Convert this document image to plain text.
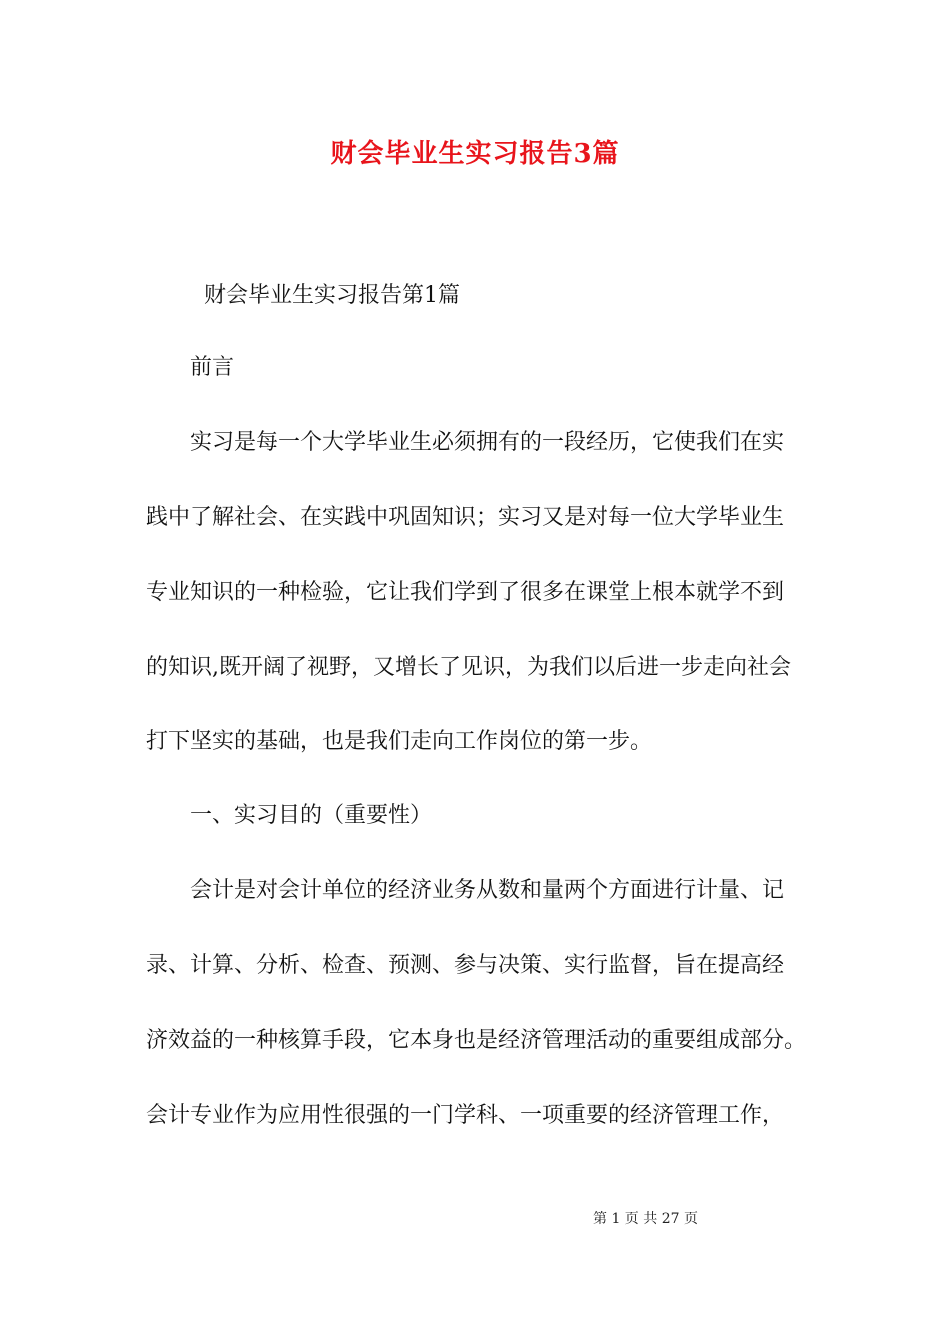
财会毕业生实习报告3篇
财会毕业生实习报告第1篇
前言
实习是每一个大学毕业生必须拥有的一段经历，它使我们在实
践中了解社会、在实践中巩固知识；实习又是对每一位大学毕业生
专业知识的一种检验，它让我们学到了很多在课堂上根本就学不到
的知识,既开阔了视野，又增长了见识，为我们以后进一步走向社会
打下坚实的基础，也是我们走向工作岗位的第一步。
一、实习目的（重要性）
会计是对会计单位的经济业务从数和量两个方面进行计量、记
录、计算、分析、检查、预测、参与决策、实行监督，旨在提高经
济效益的一种核算手段，它本身也是经济管理活动的重要组成部分。
会计专业作为应用性很强的一门学科、一项重要的经济管理工作，
第 1 页 共 27 页
